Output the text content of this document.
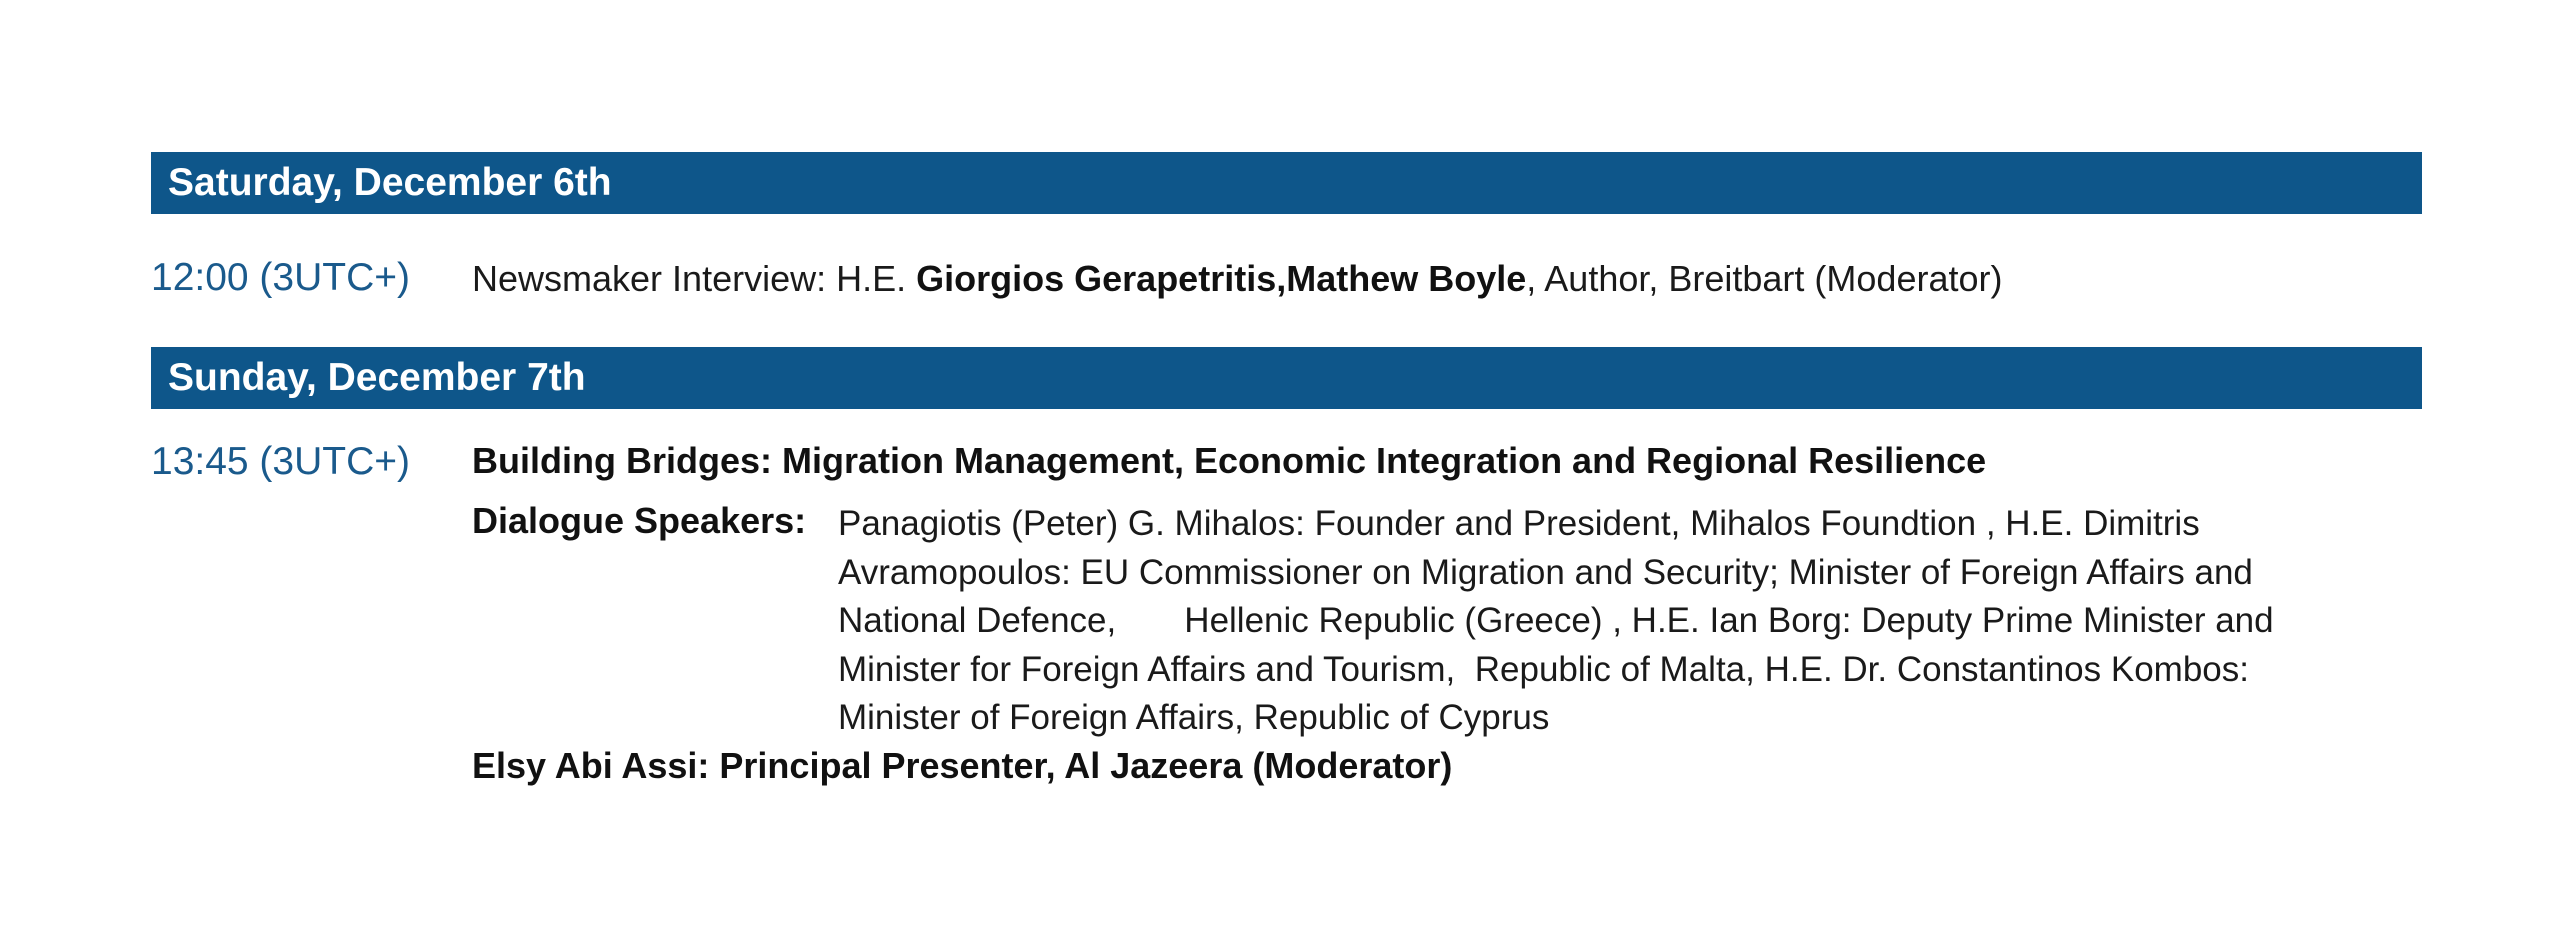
Saturday, December 6th
12:00 (3UTC+) Newsmaker Interview: H.E. Giorgios Gerapetritis,Mathew Boyle, Author, Breitbart (Moderator)
Sunday, December 7th
13:45 (3UTC+) Building Bridges: Migration Management, Economic Integration and Regional Resilience
Dialogue Speakers: Panagiotis (Peter) G. Mihalos: Founder and President, Mihalos Foundtion , H.E. Dimitris
Avramopoulos: EU Commissioner on Migration and Security; Minister of Foreign Affairs and
National Defence,       Hellenic Republic (Greece) , H.E. Ian Borg: Deputy Prime Minister and
Minister for Foreign Affairs and Tourism,  Republic of Malta, H.E. Dr. Constantinos Kombos:
Minister of Foreign Affairs, Republic of Cyprus
Elsy Abi Assi: Principal Presenter, Al Jazeera (Moderator)
